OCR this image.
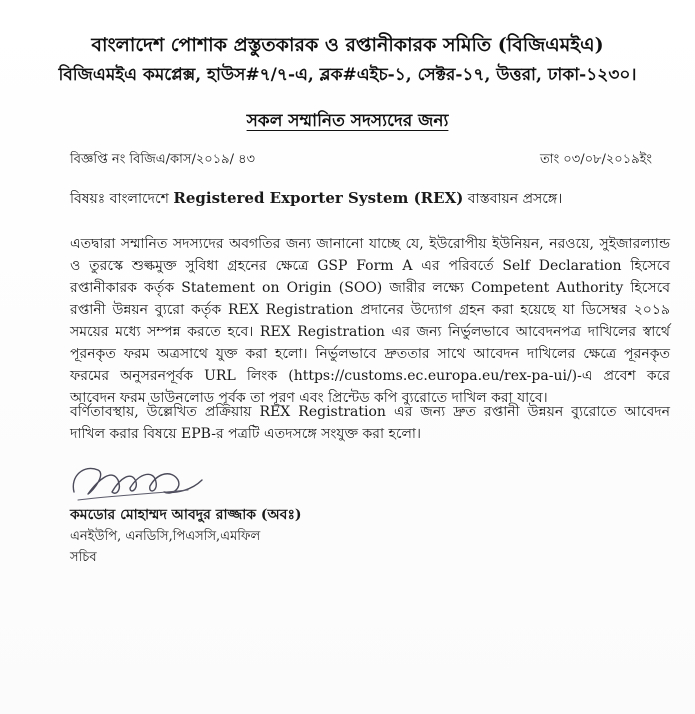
বাংলাদেশ পোশাক প্রস্তুতকারক ও রপ্তানীকারক সমিতি (বিজিএমইএ)

বিজিএমইএ কমপ্লেক্স, হাউস#৭/৭-এ, ব্লক#এইচ-১, সেক্টর-১৭, উত্তরা, ঢাকা-১২৩০।

সকল সম্মানিত সদস্যদের জন্য
বিজ্ঞপ্তি নং বিজিএ/কাস/২০১৯/ ৪৩	তাং ০৩/০৮/২০১৯ইং
বিষয়ঃ বাংলাদেশে Registered Exporter System (REX) বাস্তবায়ন প্রসঙ্গে।

এতদ্বারা সম্মানিত সদস্যদের অবগতির জন্য জানানো যাচ্ছে যে, ইউরোপীয় ইউনিয়ন, নরওয়ে, সুইজারল্যান্ড ও তুরস্কে শুল্কমুক্ত সুবিধা গ্রহনের ক্ষেত্রে GSP Form A এর পরিবর্তে Self Declaration হিসেবে রপ্তানীকারক কর্তৃক Statement on Origin (SOO) জারীর লক্ষ্যে Competent Authority হিসেবে রপ্তানী উন্নয়ন ব্যুরো কর্তৃক REX Registration প্রদানের উদ্যোগ গ্রহন করা হয়েছে যা ডিসেম্বর ২০১৯ সময়ের মধ্যে সম্পন্ন করতে হবে। REX Registration এর জন্য নির্ভুলভাবে আবেদনপত্র দাখিলের স্বার্থে পূরনকৃত ফরম অত্রসাথে যুক্ত করা হলো। নির্ভুলভাবে দ্রুততার সাথে আবেদন দাখিলের ক্ষেত্রে পূরনকৃত ফরমের অনুসরনপূর্বক URL লিংক (https://customs.ec.europa.eu/rex-pa-ui/)-এ প্রবেশ করে আবেদন ফরম ডাউনলোড পূর্বক তা পূরণ এবং প্রিন্টেড কপি ব্যুরোতে দাখিল করা যাবে।

বর্ণিতাবস্থায়, উল্লেখিত প্রক্রিয়ায় REX Registration এর জন্য দ্রুত রপ্তানী উন্নয়ন ব্যুরোতে আবেদন দাখিল করার বিষয়ে EPB-র পত্রটি এতদসঙ্গে সংযুক্ত করা হলো।

কমডোর মোহাম্মদ আবদুর রাজ্জাক (অবঃ)
এনইউপি, এনডিসি,পিএসসি,এমফিল
সচিব
